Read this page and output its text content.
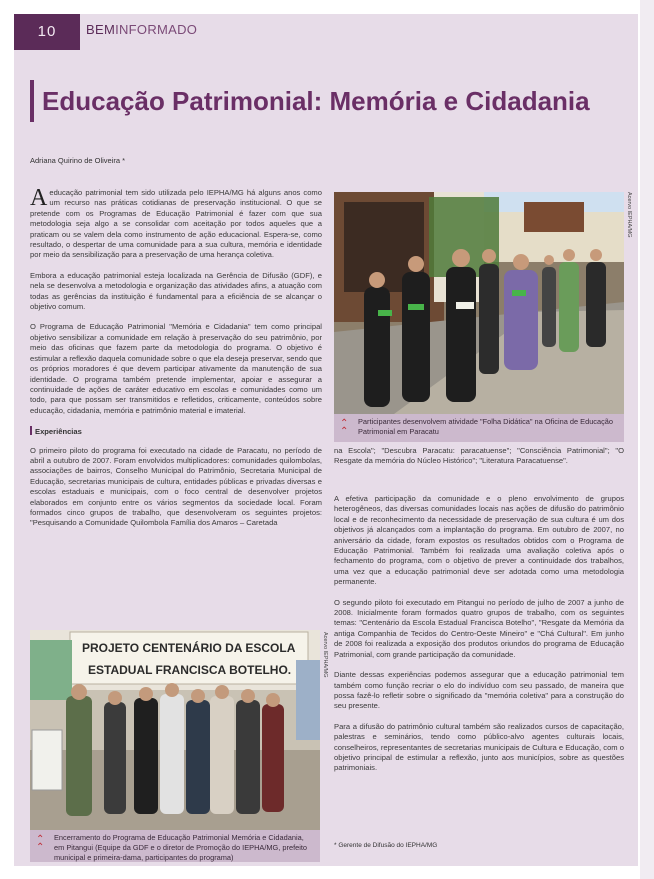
10	BEMINFORMADO
Educação Patrimonial: Memória e Cidadania
Adriana Quirino de Oliveira *

A educação patrimonial tem sido utilizada pelo IEPHA/MG há alguns anos como um recurso nas práticas cotidianas de preservação institucional. O que se pretende com os Programas de Educação Patrimonial é fazer com que sua metodologia seja algo a se consolidar com aceitação por todos aqueles que a praticam ou se valem dela como instrumento de ação educacional. Espera-se, como resultado, o despertar de uma comunidade para a sua cultura, memória e identidade por meio da sensibilização para a preservação de uma herança coletiva.

Embora a educação patrimonial esteja localizada na Gerência de Difusão (GDF), e nela se desenvolva a metodologia e organização das atividades afins, a atuação com todas as gerências da instituição é fundamental para a eficiência de se alcançar o objetivo comum.

O Programa de Educação Patrimonial "Memória e Cidadania" tem como principal objetivo sensibilizar a comunidade em relação à preservação do seu patrimônio, por meio das oficinas que fazem parte da metodologia do programa. O objetivo é estimular a reflexão daquela comunidade sobre o que ela deseja preservar, sendo que os próprios moradores é que devem participar ativamente da manutenção de sua identidade. O programa também pretende implementar, apoiar e assegurar a continuidade de ações de caráter educativo em escolas e comunidades como um todo, para que possam ser transmitidos e refletidos, criticamente, conteúdos sobre educação, cidadania, memória e patrimônio material e imaterial.

Experiências

O primeiro piloto do programa foi executado na cidade de Paracatu, no período de abril a outubro de 2007. Foram envolvidos multiplicadores: comunidades quilombolas, associações de bairros, Conselho Municipal do Patrimônio, Secretaria Municipal de Educação, secretarias municipais de cultura, entidades públicas e privadas diversas e escolas estaduais e municipais, com o foco central de desenvolver projetos elaborados em conjunto entre os vários segmentos da sociedade local. Foram formados cinco grupos de trabalho, que desenvolveram os seguintes projetos: "Pesquisando a Comunidade Quilombola Família dos Amaros – Caretada

Acervo IEPHA/MG
⌃
⌃
Participantes desenvolvem atividade "Folha Didática" na Oficina de Educação Patrimonial em Paracatu

na Escola"; "Descubra Paracatu: paracatuense"; "Consciência Patrimonial"; "O Resgate da memória do Núcleo Histórico"; "Literatura Paracatuense".

A efetiva participação da comunidade e o pleno envolvimento de grupos heterogêneos, das diversas comunidades locais nas ações de difusão do patrimônio local e de reconhecimento da necessidade de preservação de sua cultura é um dos objetivos já alcançados com a implantação do programa. Em outubro de 2007, no aniversário da cidade, foram expostos os resultados obtidos com o Programa de Educação Patrimonial. Também foi realizada uma avaliação coletiva após o fechamento do programa, com o objetivo de prever a continuidade dos trabalhos, uma vez que a educação patrimonial deve ser adotada como uma metodologia permanente.

O segundo piloto foi executado em Pitangui no período de julho de 2007 a junho de 2008. Inicialmente foram formados quatro grupos de trabalho, com os seguintes temas: "Centenário da Escola Estadual Francisca Botelho", "Resgate da Memória da antiga Companhia de Tecidos do Centro-Oeste Mineiro" e "Chá Cultural". Em junho de 2008 foi realizada a exposição dos produtos oriundos do programa de Educação Patrimonial, com grande participação da comunidade.

Diante dessas experiências podemos assegurar que a educação patrimonial tem também como função recriar o elo do indivíduo com seu passado, de maneira que possa fazê-lo refletir sobre o significado da "memória coletiva" para a construção do seu presente.

Para a difusão do patrimônio cultural também são realizados cursos de capacitação, palestras e seminários, tendo como público-alvo agentes culturais locais, conselheiros, representantes de secretarias municipais de Cultura e Educação, com o objetivo principal de estimular a reflexão, junto aos municípios, sobre as questões patrimoniais.

PROJETO CENTENÁRIO DA ESCOLA
ESTADUAL FRANCISCA BOTELHO.	Acervo IEPHA/MG
⌃
⌃
Encerramento do Programa de Educação Patrimonial Memória e Cidadania, em Pitangui (Equipe da GDF e o diretor de Promoção do IEPHA/MG, prefeito municipal e primeira-dama, participantes do programa)
* Gerente de Difusão do IEPHA/MG
